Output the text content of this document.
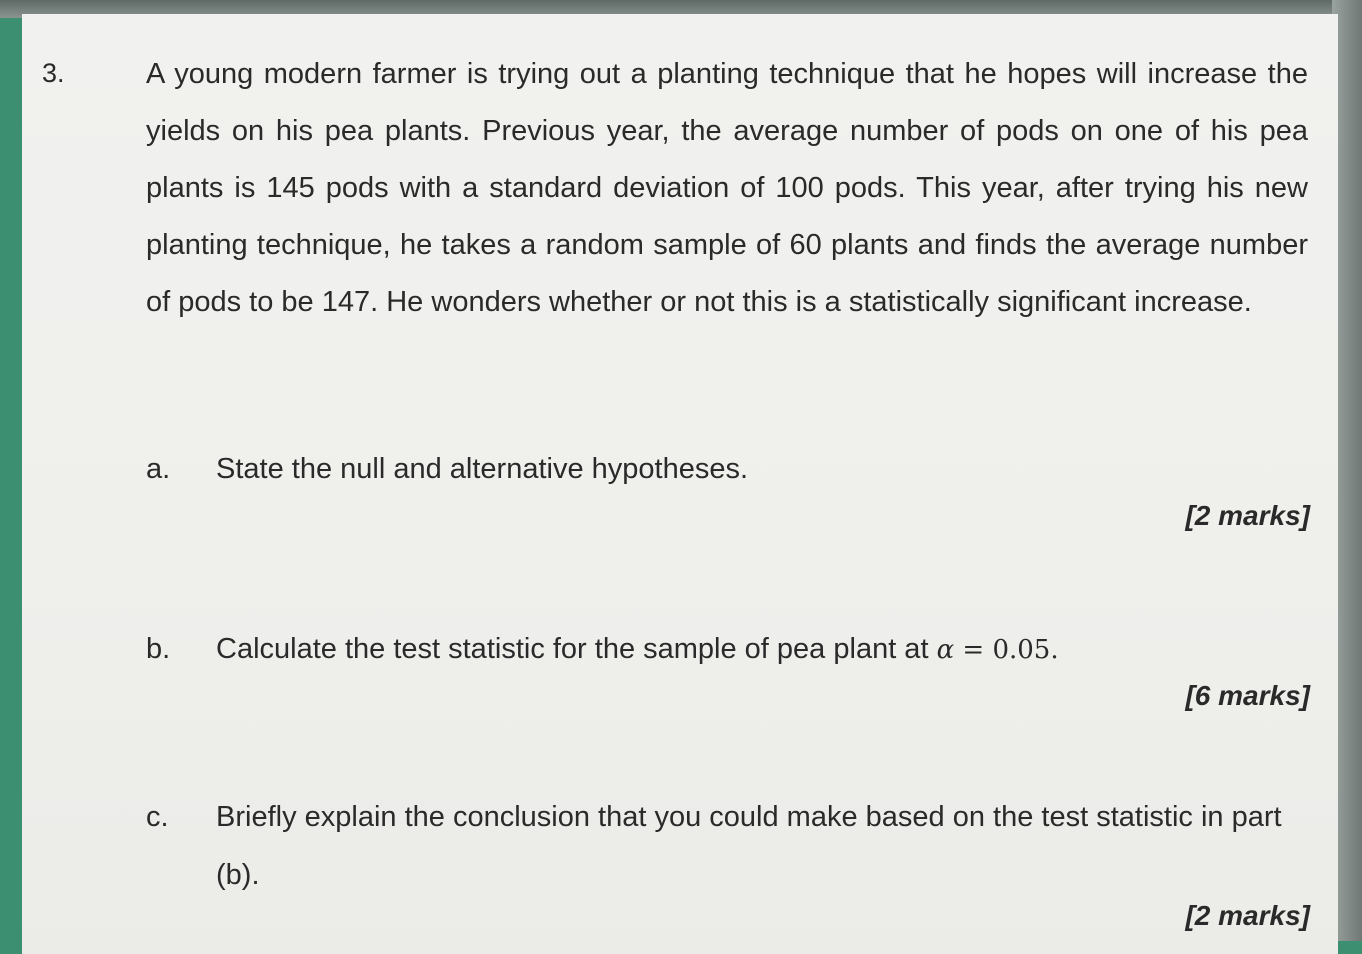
3.	A young modern farmer is trying out a planting technique that he hopes will increase the yields on his pea plants. Previous year, the average number of pods on one of his pea plants is 145 pods with a standard deviation of 100 pods. This year, after trying his new planting technique, he takes a random sample of 60 plants and finds the average number of pods to be 147. He wonders whether or not this is a statistically significant increase.

a.	State the null and alternative hypotheses.
[2 marks]
b.	Calculate the test statistic for the sample of pea plant at α = 0.05.
[6 marks]
c.	Briefly explain the conclusion that you could make based on the test statistic in part (b).
[2 marks]
